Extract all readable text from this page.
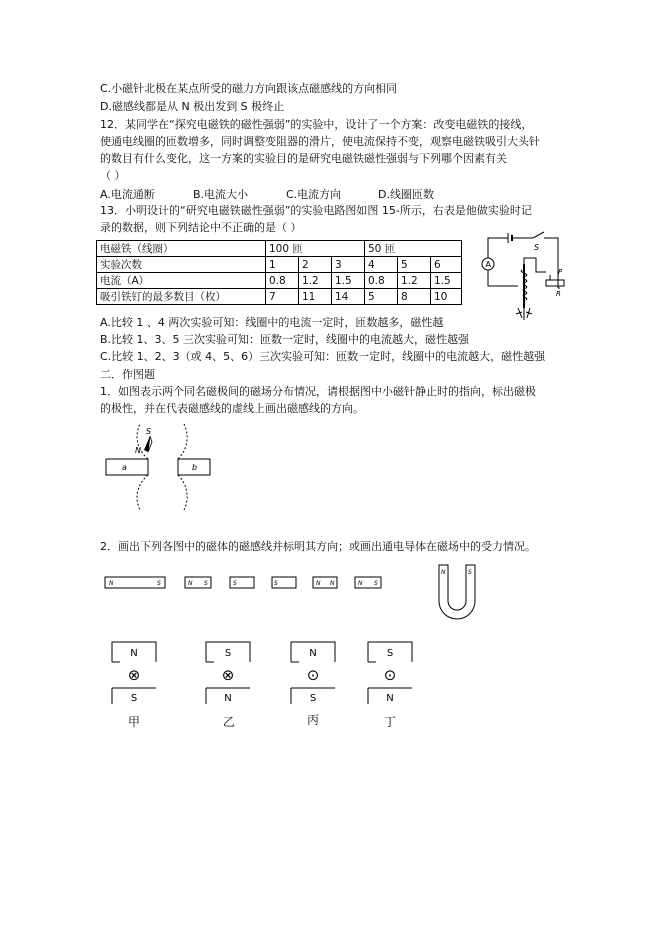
C.小磁针北极在某点所受的磁力方向跟该点磁感线的方向相同
D.磁感线都是从 N 极出发到 S 极终止
12．某同学在“探究电磁铁的磁性强弱”的实验中，设计了一个方案：改变电磁铁的接线，
使通电线圈的匝数增多，同时调整变阻器的滑片，使电流保持不变，观察电磁铁吸引大头针
的数目有什么变化，这一方案的实验目的是研究电磁铁磁性强弱与下列哪个因素有关
（ ）
A.电流通断	B.电流大小	C.电流方向	D.线圈匝数
13．小明设计的“研究电磁铁磁性强弱”的实验电路图如图 15-所示，右表是他做实验时记
录的数据，则下列结论中不正确的是（ ）
电磁铁（线圈）	100 匝			50 匝		
实验次数	1	2	3	4	5	6
电流（A）	0.8	1.2	1.5	0.8	1.2	1.5
吸引铁钉的最多数目（枚）	7	11	14	5	8	10
S
A
P
R
A.比较 1 、4 两次实验可知：线圈中的电流一定时，匝数越多，磁性越
B.比较 1、3、5 三次实验可知：匝数一定时，线圈中的电流越大，磁性越强
C.比较 1、2、3（或 4、5、6）三次实验可知：匝数一定时，线圈中的电流越大，磁性越强
二．作图题
1．如图表示两个同名磁极间的磁场分布情况，请根据图中小磁针静止时的指向，标出磁极
的极性，并在代表磁感线的虚线上画出磁感线的方向。
S
N
a	b
2．画出下列各图中的磁体的磁感线并标明其方向；或画出通电导体在磁场中的受力情况。
N	S	N S	S	S	N N	N S
N	S
N
⊗
S
甲
S
⊗
N
乙
N
⊙
S
丙
S
⊙
N
丁
